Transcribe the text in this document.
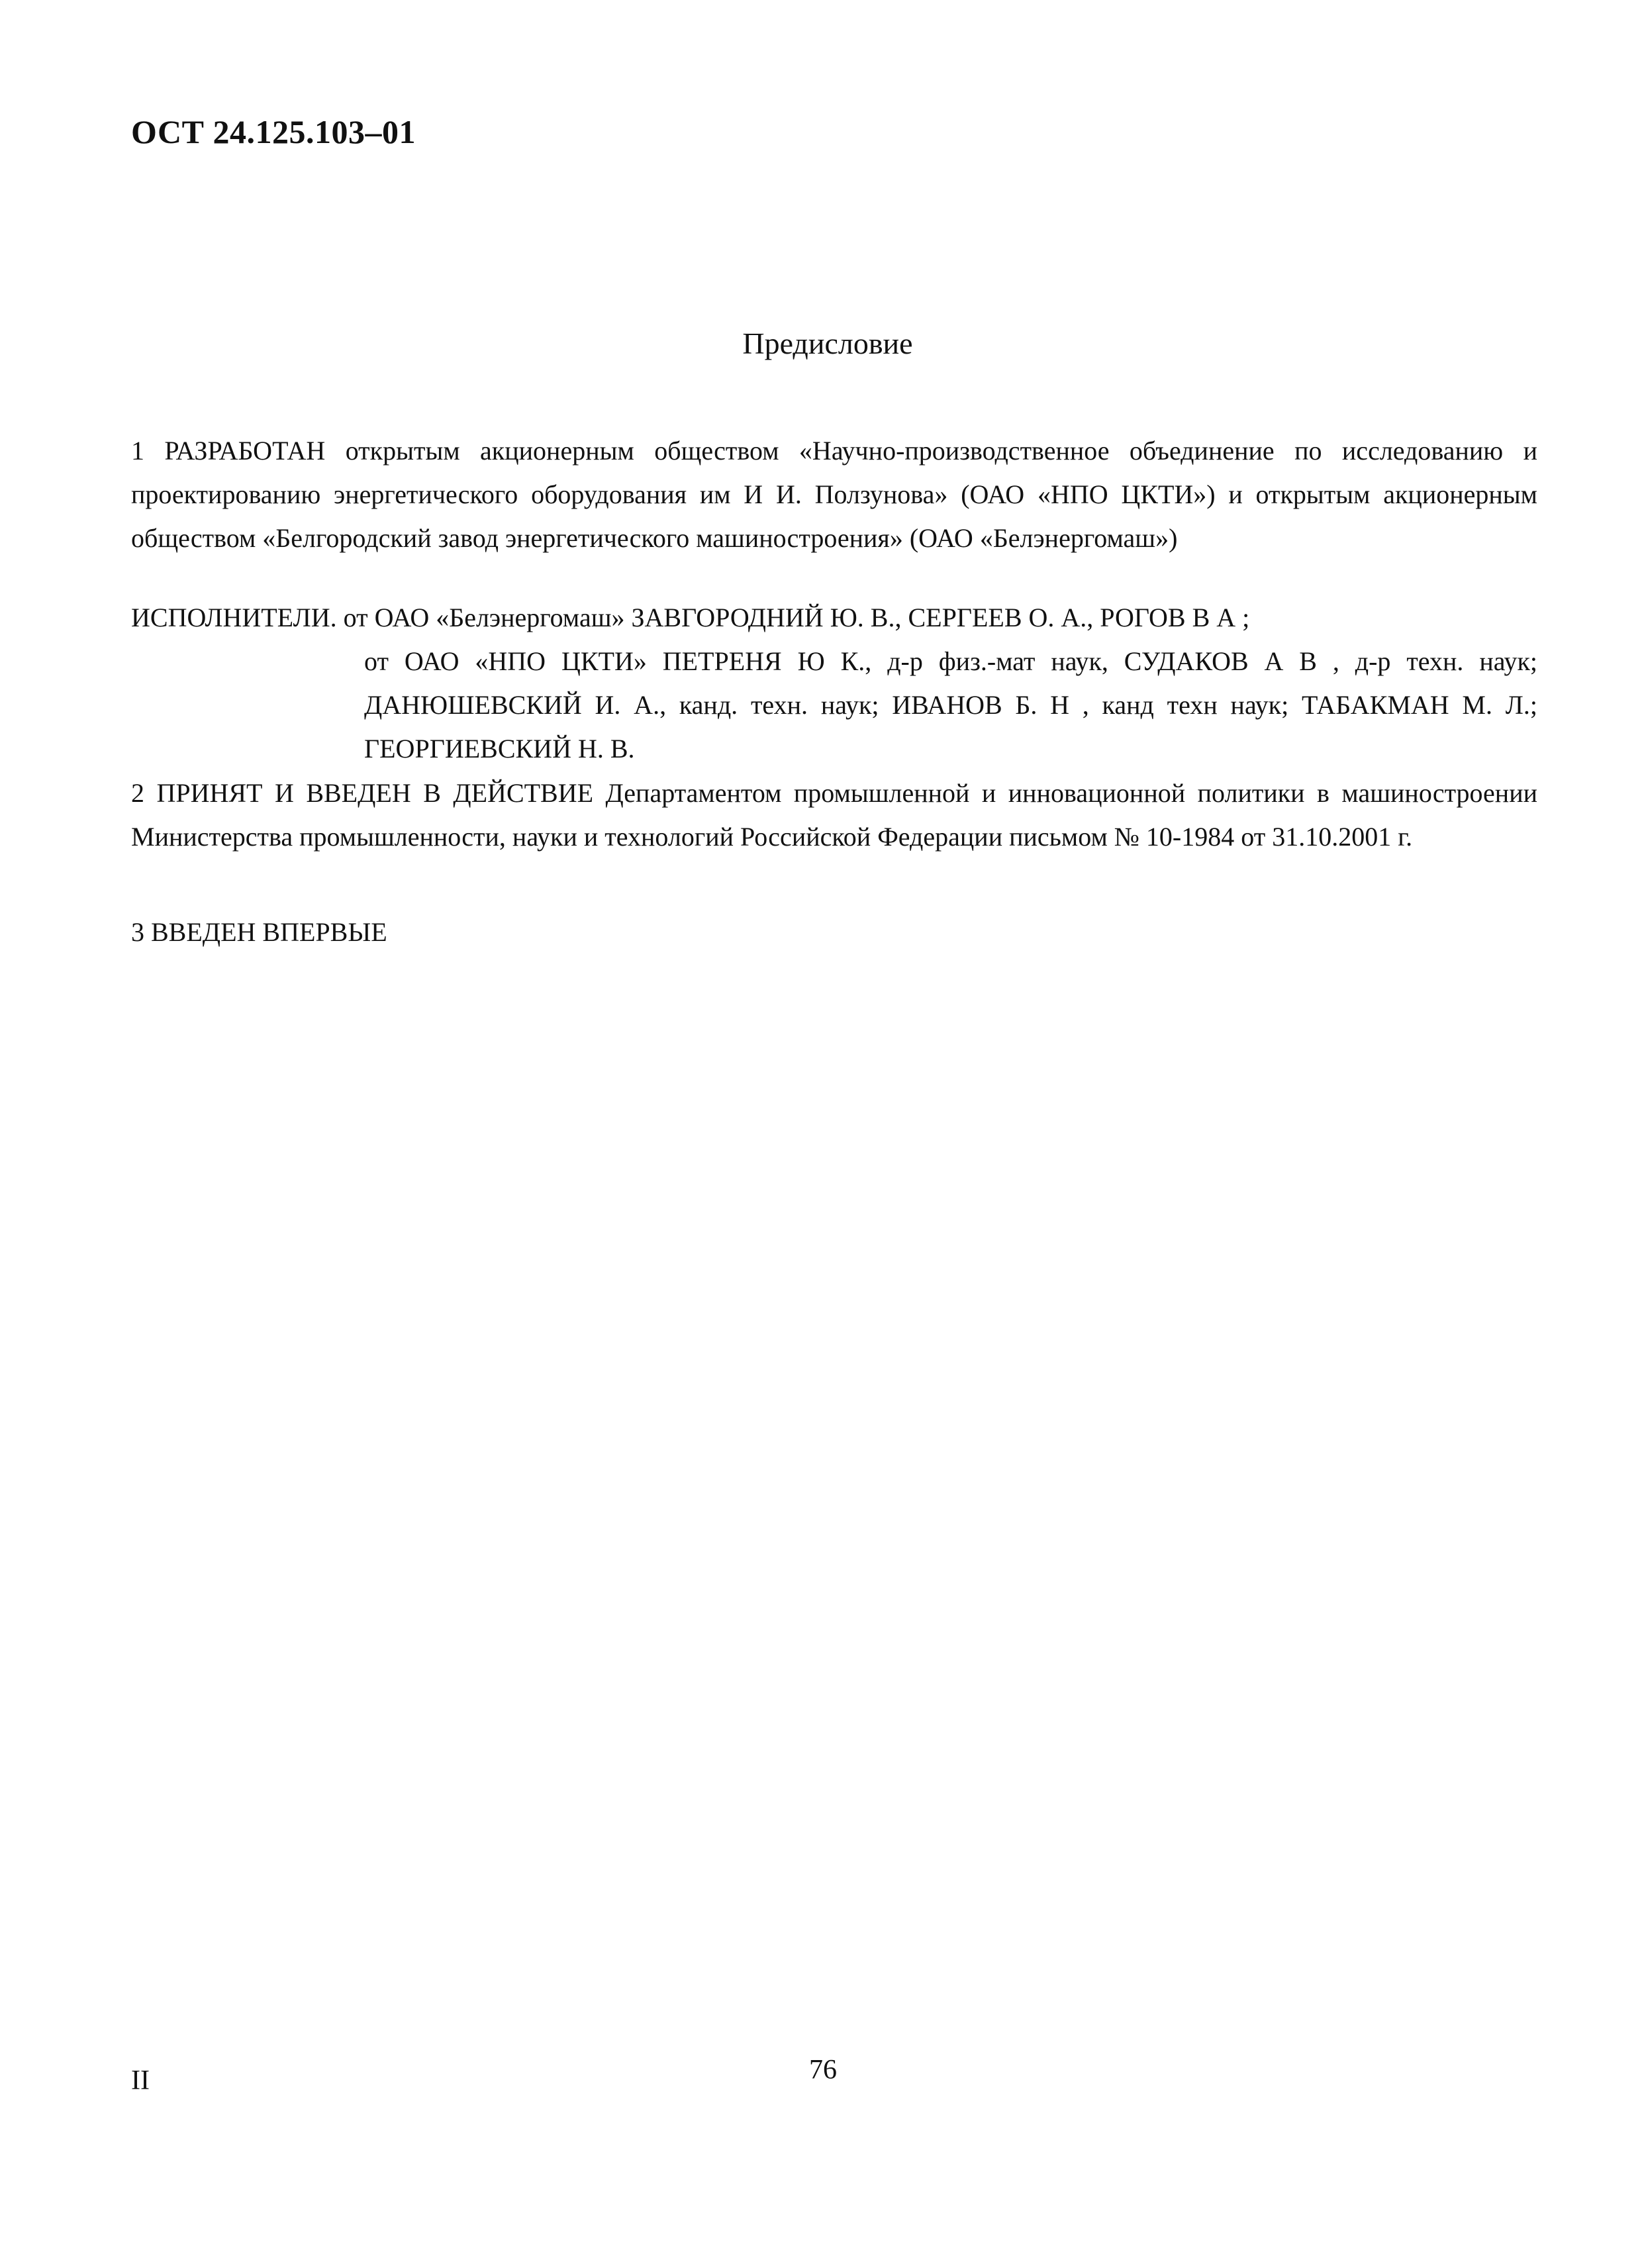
ОСТ 24.125.103–01
Предисловие
1 РАЗРАБОТАН открытым акционерным обществом «Научно-производственное объединение по исследованию и проектированию энергетического оборудования им И И. Ползунова» (ОАО «НПО ЦКТИ») и открытым акционерным обществом «Белгородский завод энергетического машиностроения» (ОАО «Белэнергомаш»)
ИСПОЛНИТЕЛИ. от ОАО «Белэнергомаш» ЗАВГОРОДНИЙ Ю. В., СЕРГЕЕВ О. А., РОГОВ В А ;
от ОАО «НПО ЦКТИ» ПЕТРЕНЯ Ю К., д-р физ.-мат наук, СУДАКОВ А В , д-р техн. наук; ДАНЮШЕВСКИЙ И. А., канд. техн. наук; ИВАНОВ Б. Н , канд техн наук; ТАБАКМАН М. Л.; ГЕОРГИЕВСКИЙ Н. В.
2 ПРИНЯТ И ВВЕДЕН В ДЕЙСТВИЕ Департаментом промышленной и инновационной политики в машиностроении Министерства промышленности, науки и технологий Российской Федерации письмом № 10-1984 от 31.10.2001 г.
3 ВВЕДЕН ВПЕРВЫЕ
II	76
